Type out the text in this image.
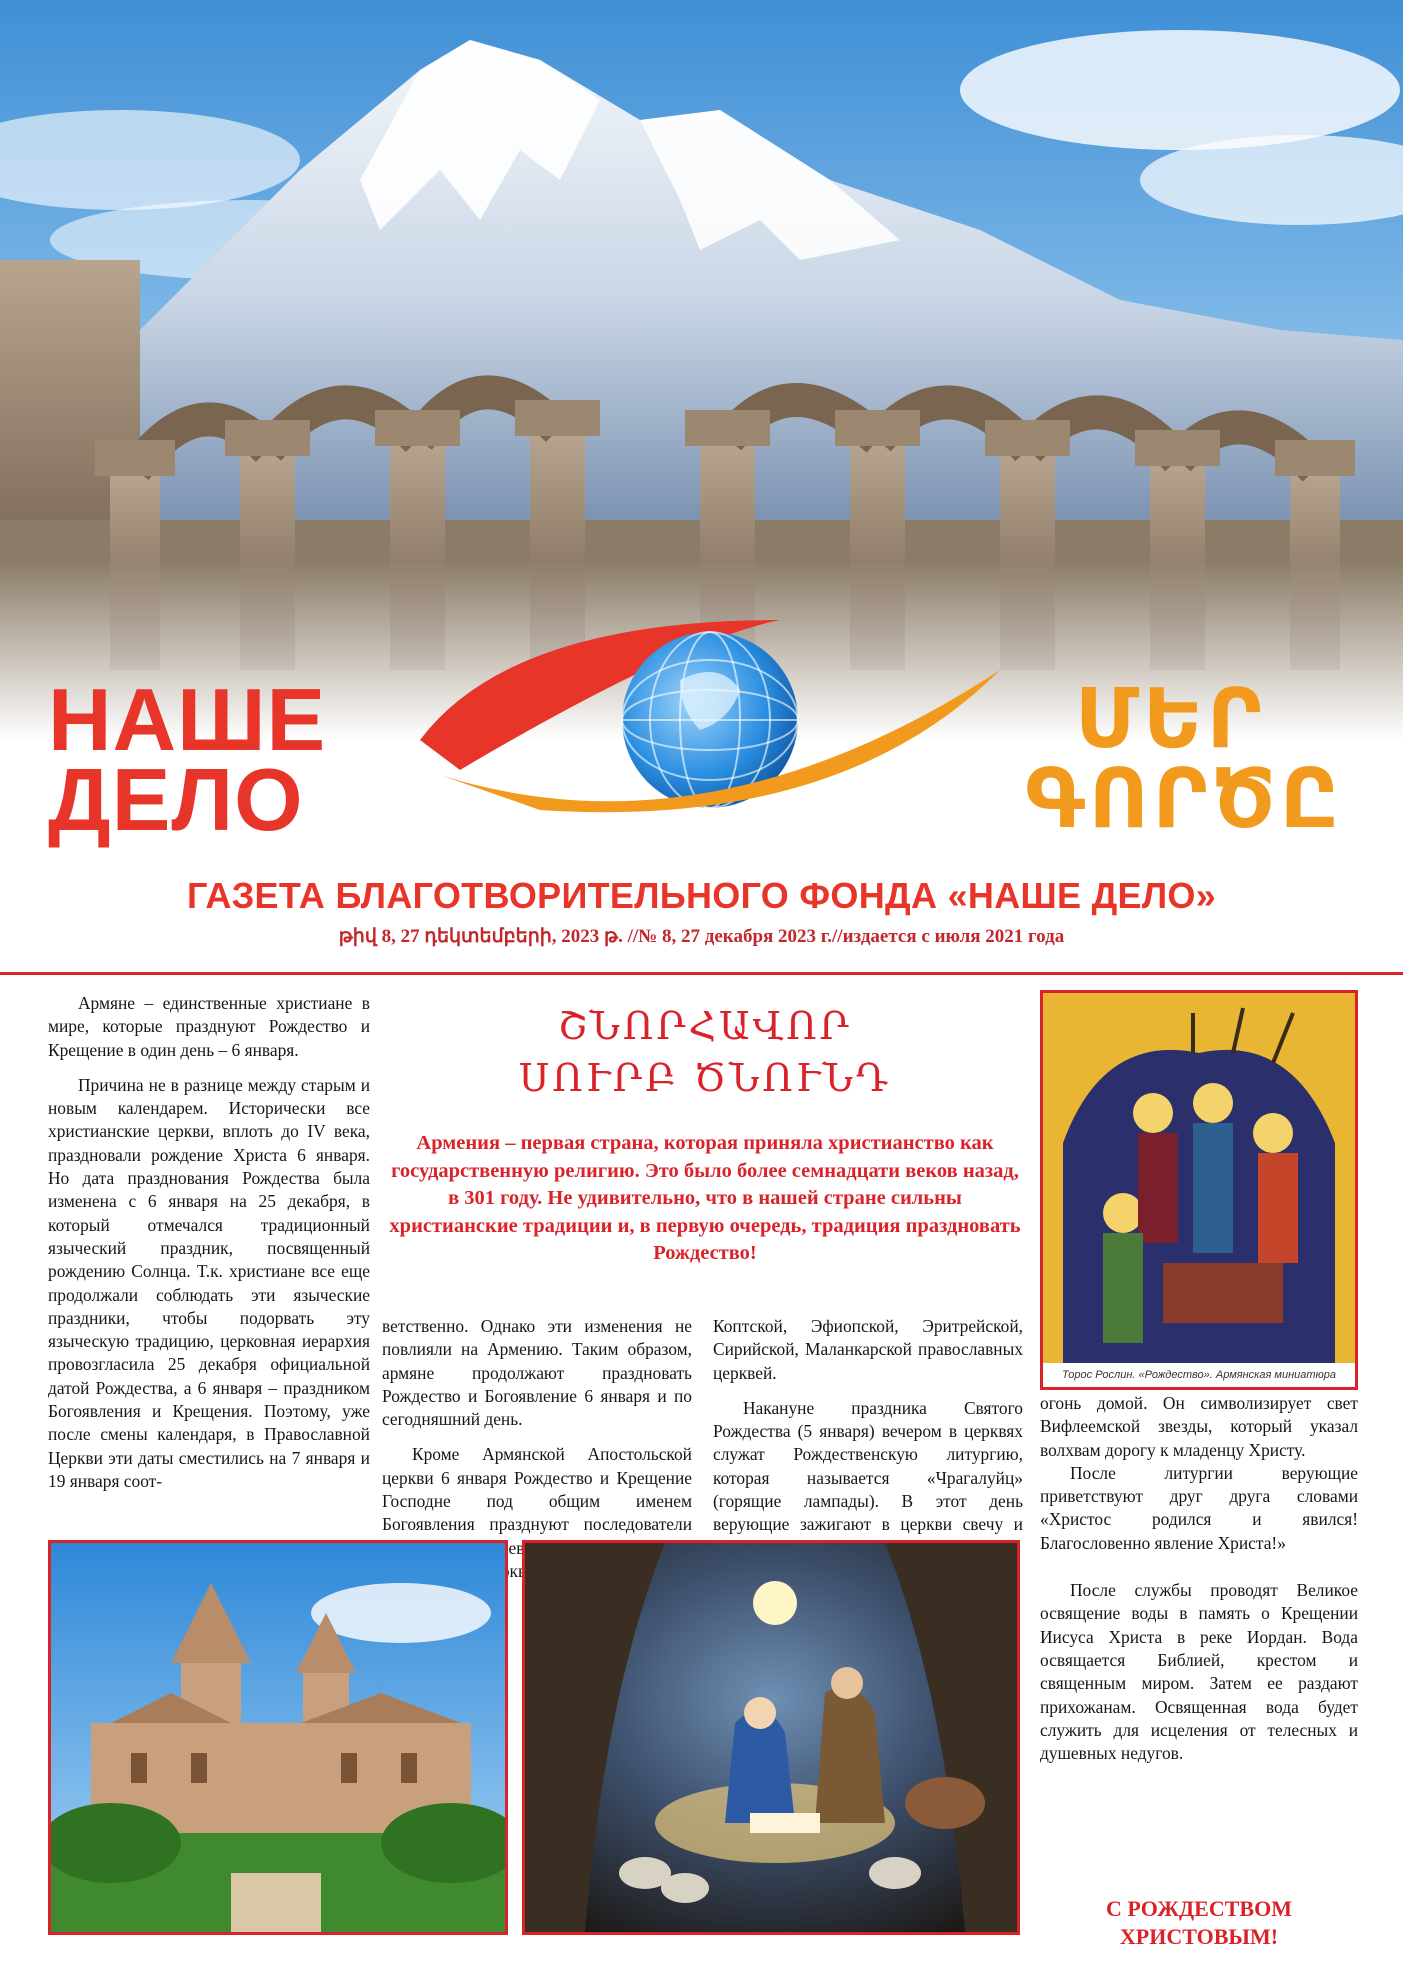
НАШЕ
ДЕЛО
ՄԵՐ
ԳՈՐԾԸ
ГАЗЕТА БЛАГОТВОРИТЕЛЬНОГО ФОНДА «НАШЕ ДЕЛО»
թիվ 8, 27 դեկտեմբերի, 2023 թ. //№ 8, 27 декабря 2023 г.//издается с июля 2021 года

Армяне – единственные христиане в мире, которые празднуют Рождество и Крещение в один день – 6 января.

Причина не в разнице между старым и новым календарем. Исторически все христианские церкви, вплоть до IV века, праздновали рождение Христа 6 января. Но дата празднования Рождества была изменена с 6 января на 25 декабря, в который отмечался традиционный языческий праздник, посвященный рождению Солнца. Т.к. христиане все еще продолжали соблюдать эти языческие праздники, чтобы подорвать эту языческую традицию, церковная иерархия провозгласила 25 декабря официальной датой Рождества, а 6 января – праздником Богоявления и Крещения. Поэтому, уже после смены календаря, в Православной Церкви эти даты сместились на 7 января и 19 января соот-

ՇՆՈՐՀԱՎՈՐ
ՍՈՒՐԲ ԾՆՈՒՆԴ
Армения – первая страна, которая приняла христианство как государственную религию. Это было более семнадцати веков назад, в 301 году. Не удивительно, что в нашей стране сильны христианские традиции и, в первую очередь, традиция праздновать Рождество!

ветственно. Однако эти изменения не повлияли на Армению. Таким образом, армяне продолжают праздновать Рождество и Богоявление 6 января и по сегодняшний день.

Кроме Армянской Апостольской церкви 6 января Рождество и Крещение Господне под общим именем Богоявления празднуют последователи церкви

Коптской, Эфиопской, Эритрейской, Сирийской, Маланкарской православных церквей.

Накануне праздника Святого Рождества (5 января) вечером в церквях служат Рождественскую литургию, которая называется «Чрагалуйц» (горящие лампады). В этот день верующие зажигают в церкви свечу и

огонь домой. Он символизирует свет Вифлеемской звезды, который указал волхвам дорогу к младенцу Христу.

После литургии верующие приветствуют друг друга словами «Христос родился и явился! Благословенно явление Христа!»

После службы проводят Великое освящение воды в память о Крещении Иисуса Христа в реке Иордан. Вода освящается Библией, крестом и священным миром. Затем ее раздают прихожанам. Освященная вода будет служить для исцеления от телесных и душевных недугов.

С РОЖДЕСТВОМ
ХРИСТОВЫМ!
Торос Рослин. «Рождество». Армянская миниатюра
